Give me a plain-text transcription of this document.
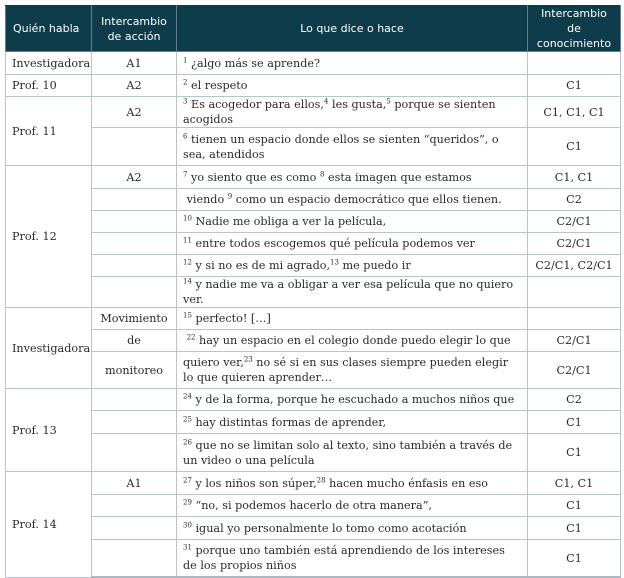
Quién habla	Intercambio de acción	Lo que dice o hace	Intercambio de conocimiento
Investigadora	A1	$^1$ ¿algo más se aprende?	
Prof. 10	A2	$^2$ el respeto	C1
Prof. 11	A2	$^3$ Es acogedor para ellos,$^4$ les gusta,$^5$ porque se sienten acogidos	C1, C1, C1
		$^6$ tienen un espacio donde ellos se sienten “queridos”, o sea, atendidos	C1
Prof. 12	A2	$^7$ yo siento que es como $^8$ esta imagen que estamos	C1, C1
		viendo $^9$ como un espacio democrático que ellos tienen.	C2
		$^{10}$ Nadie me obliga a ver la película,	C2/C1
		$^{11}$ entre todos escogemos qué película podemos ver	C2/C1
		$^{12}$ y si no es de mi agrado,$^{13}$ me puedo ir	C2/C1, C2/C1
		$^{14}$ y nadie me va a obligar a ver esa película que no quiero ver.	
Investigadora	Movimiento	$^{15}$ perfecto! […]	
	de	$^{22}$ hay un espacio en el colegio donde puedo elegir lo que	C2/C1
	monitoreo	quiero ver,$^{23}$ no sé si en sus clases siempre pueden elegir lo que quieren aprender…	C2/C1
Prof. 13		$^{24}$ y de la forma, porque he escuchado a muchos niños que	C2
		$^{25}$ hay distintas formas de aprender,	C1
		$^{26}$ que no se limitan solo al texto, sino también a través de un video o una película	C1
Prof. 14	A1	$^{27}$ y los niños son súper,$^{28}$ hacen mucho énfasis en eso	C1, C1
		$^{29}$ “no, si podemos hacerlo de otra manera”,	C1
		$^{30}$ igual yo personalmente lo tomo como acotación	C1
		$^{31}$ porque uno también está aprendiendo de los intereses de los propios niños	C1
